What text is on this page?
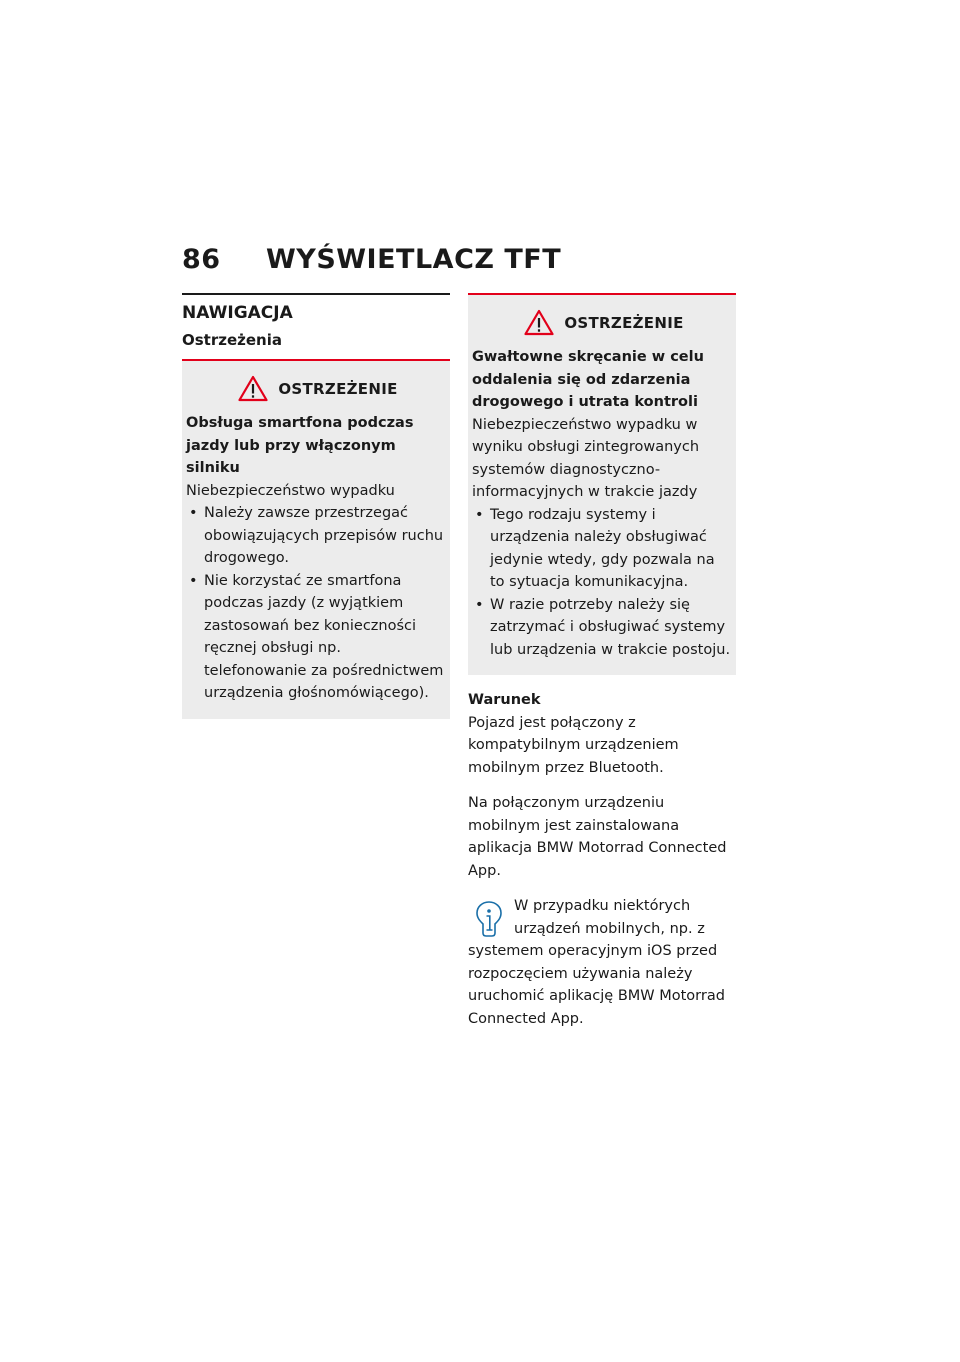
86	WYŚWIETLACZ TFT
NAWIGACJA
Ostrzeżenia
OSTRZEŻENIE

Obsługa smartfona podczas jazdy lub przy włączonym silniku

Niebezpieczeństwo wypadku

• Należy zawsze przestrzegać obowiązujących przepisów ruchu drogowego.
• Nie korzystać ze smartfona podczas jazdy (z wyjątkiem zastosowań bez konieczności ręcznej obsługi np. telefonowanie za pośrednictwem urządzenia głośnomówiącego).
OSTRZEŻENIE

Gwałtowne skręcanie w celu oddalenia się od zdarzenia drogowego i utrata kontroli

Niebezpieczeństwo wypadku w wyniku obsługi zintegrowanych systemów diagnostyczno-informacyjnych w trakcie jazdy

• Tego rodzaju systemy i urządzenia należy obsługiwać jedynie wtedy, gdy pozwala na to sytuacja komunikacyjna.
• W razie potrzeby należy się zatrzymać i obsługiwać systemy lub urządzenia w trakcie postoju.

Warunek

Pojazd jest połączony z kompatybilnym urządzeniem mobilnym przez Bluetooth.

Na połączonym urządzeniu mobilnym jest zainstalowana aplikacja BMW Motorrad Connected App.

W przypadku niektórych urządzeń mobilnych, np. z systemem operacyjnym iOS przed rozpoczęciem używania należy uruchomić aplikację BMW Motorrad Connected App.
